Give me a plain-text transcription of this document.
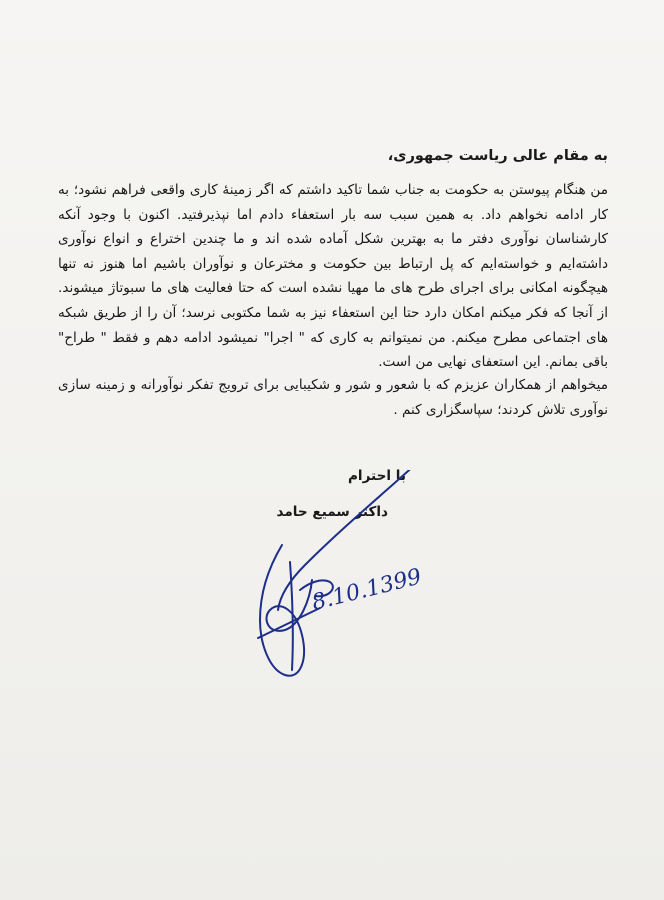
به مقام عالی ریاست جمهوری،
من هنگام پیوستن به حکومت به جناب شما تاکید داشتم که اگر زمینهٔ کاری واقعی فراهم نشود؛ به کار ادامه نخواهم داد. به همین سبب سه بار استعفاء دادم اما نپذیرفتید. اکنون با وجود آنکه کارشناسان نوآوری دفتر ما به بهترین شکل آماده شده اند و ما چندین اختراع و انواع نوآوری داشته‌ایم و خواسته‌ایم که پل ارتباط بین حکومت و مخترعان و نوآوران باشیم اما هنوز نه تنها هیچگونه امکانی برای اجرای طرح های ما مهیا نشده است که حتا فعالیت های ما سبوتاژ میشوند. از آنجا که فکر میکنم امکان دارد حتا این استعفاء نیز به شما مکتوبی نرسد؛ آن را از طریق شبکه های اجتماعی مطرح میکنم. من نمیتوانم به کاری که " اجرا" نمیشود ادامه دهم و فقط " طراح" باقی بمانم. این استعفای نهایی من است.
میخواهم از همکاران عزیزم که با شعور و شور و شکیبایی برای ترویج تفکر نوآورانه و زمینه سازی نوآوری تلاش کردند؛ سپاسگزاری کنم .
با احترام
داکتر سمیع حامد
8.10.1399
